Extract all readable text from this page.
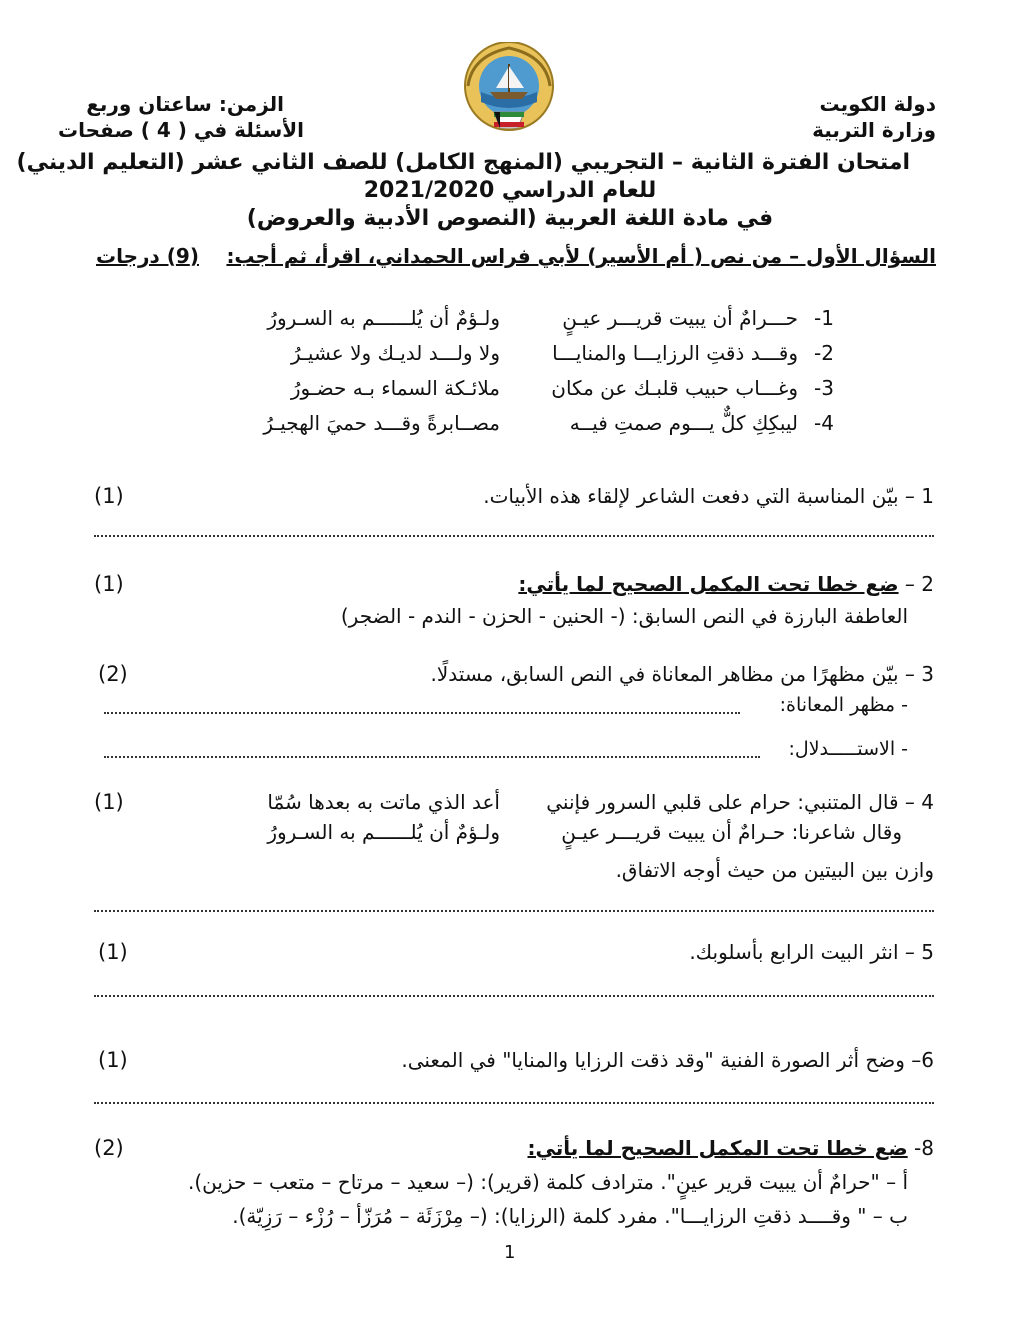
دولة الكويت
وزارة التربية
الزمن: ساعتان وربع
الأسئلة في ( 4 ) صفحات
امتحان الفترة الثانية – التجريبي (المنهج الكامل) للصف الثاني عشر (التعليم الديني)
للعام الدراسي 2021/2020
في مادة اللغة العربية (النصوص الأدبية والعروض)
السؤال الأول – من نص ( أم الأسير) لأبي فراس الحمداني، اقرأ، ثم أجب:
(9) درجات
1-
حـــرامٌ أن يبيت قريـــر عيـنٍ
ولـؤمٌ أن يُلــــــم به السـرورُ
2-
وقـــد ذقتِ الرزايـــا والمنايـــا
ولا ولـــد لديـك ولا عشيـرُ
3-
وغـــاب حبيب قلبـك عن مكان
ملائـكة السماء بـه حضـورُ
4-
ليبكِكِ كلٌّ يـــوم صمتِ فيــه
مصــابرةً وقـــد حميَ الهجيـرُ
1 – بيّن المناسبة التي دفعت الشاعر لإلقاء هذه الأبيات.
(1)
2 – ضع خطا تحت المكمل الصحيح لما يأتي:
(1)
العاطفة البارزة في النص السابق: (- الحنين - الحزن - الندم - الضجر)
3 – بيّن مظهرًا من مظاهر المعاناة في النص السابق، مستدلًا.
(2)
- مظهر المعاناة:
- الاستـــــدلال:
4 – قال المتنبي: حرام على قلبي السرور فإنني
أعد الذي ماتت به بعدها سُمّا
(1)
وقال شاعرنا: حـرامٌ أن يبيت قريـــر عيـنٍ
ولـؤمٌ أن يُلــــــم به السـرورُ
وازن بين البيتين من حيث أوجه الاتفاق.
5 – انثر البيت الرابع بأسلوبك.
(1)
6– وضح أثر الصورة الفنية "وقد ذقت الرزايا والمنايا" في المعنى.
(1)
8- ضع خطا تحت المكمل الصحيح لما يأتي:
(2)
أ – "حرامٌ أن يبيت قرير عينٍ". مترادف كلمة (قرير): (– سعيد – مرتاح – متعب – حزين).
ب – " وقــــد ذقتِ الرزايـــا". مفرد كلمة (الرزايا): (– مِرْزَئَة – مُرَزّأ – رُزْء – رَزِيّة).
1
